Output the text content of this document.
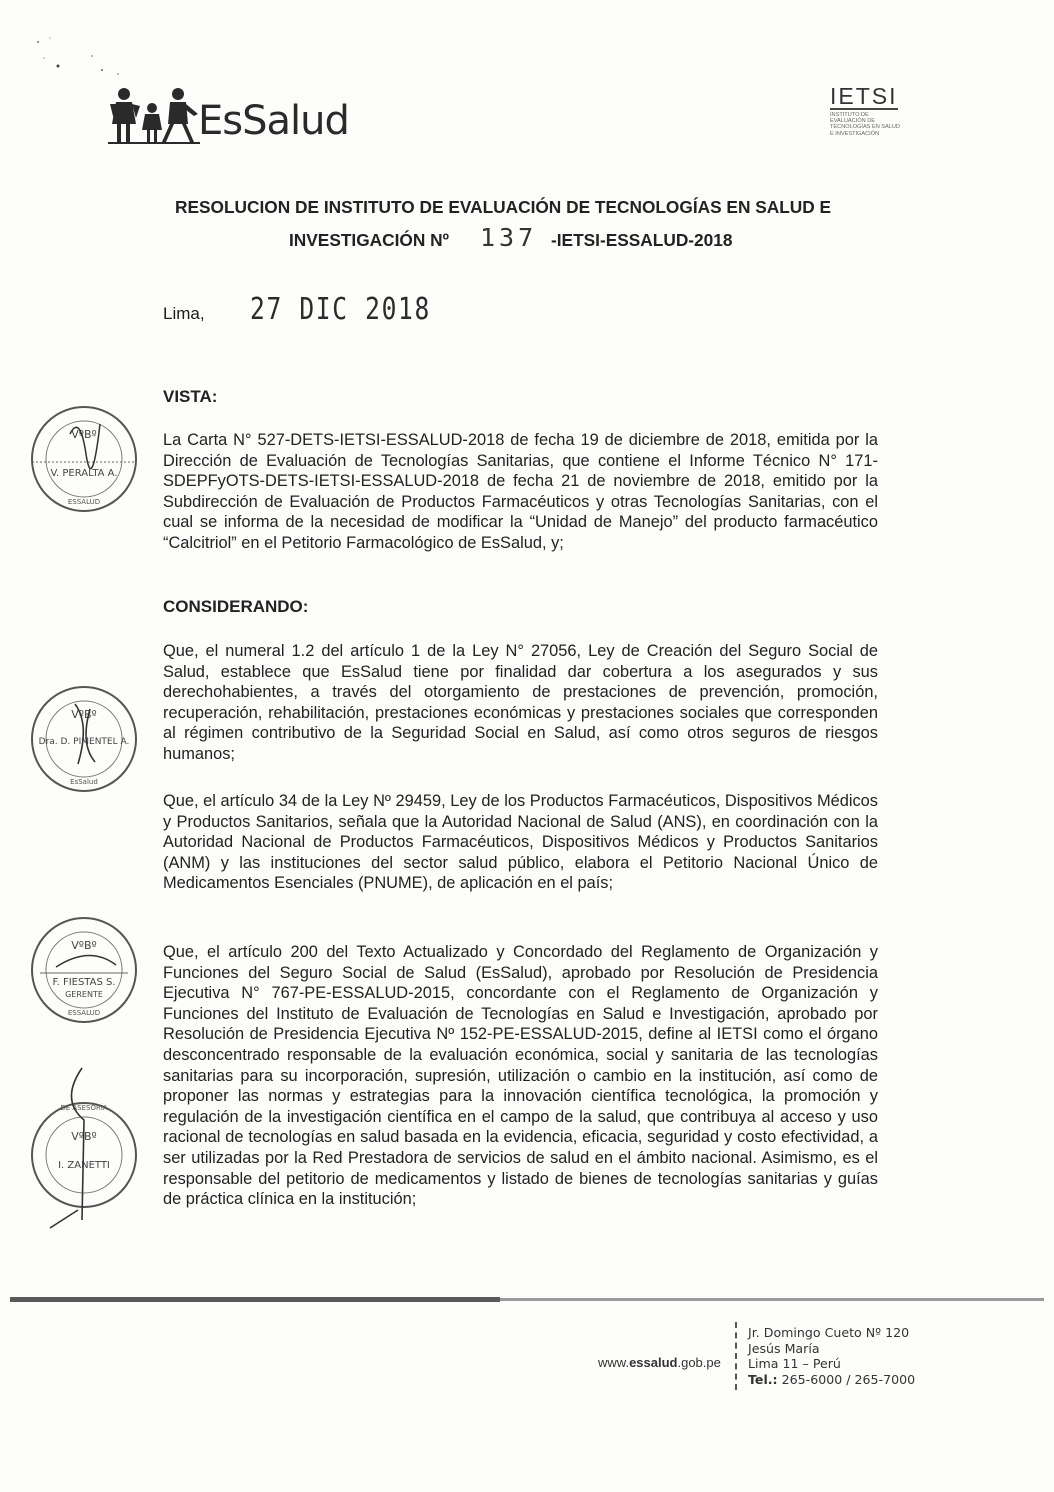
EsSalud
IETSI
INSTITUTO DE EVALUACIÓN DE TECNOLOGÍAS EN SALUD E INVESTIGACIÓN
RESOLUCION DE INSTITUTO DE EVALUACIÓN DE TECNOLOGÍAS EN SALUD E
INVESTIGACIÓN Nº 137 -IETSI-ESSALUD-2018
Lima, 27 DIC 2018
VISTA:
La Carta N° 527-DETS-IETSI-ESSALUD-2018 de fecha 19 de diciembre de 2018, emitida por la Dirección de Evaluación de Tecnologías Sanitarias, que contiene el Informe Técnico N° 171-SDEPFyOTS-DETS-IETSI-ESSALUD-2018 de fecha 21 de noviembre de 2018, emitido por la Subdirección de Evaluación de Productos Farmacéuticos y otras Tecnologías Sanitarias, con el cual se informa de la necesidad de modificar la “Unidad de Manejo” del producto farmacéutico “Calcitriol” en el Petitorio Farmacológico de EsSalud, y;
CONSIDERANDO:
Que, el numeral 1.2 del artículo 1 de la Ley N° 27056, Ley de Creación del Seguro Social de Salud, establece que EsSalud tiene por finalidad dar cobertura a los asegurados y sus derechohabientes, a través del otorgamiento de prestaciones de prevención, promoción, recuperación, rehabilitación, prestaciones económicas y prestaciones sociales que corresponden al régimen contributivo de la Seguridad Social en Salud, así como otros seguros de riesgos humanos;
Que, el artículo 34 de la Ley Nº 29459, Ley de los Productos Farmacéuticos, Dispositivos Médicos y Productos Sanitarios, señala que la Autoridad Nacional de Salud (ANS), en coordinación con la Autoridad Nacional de Productos Farmacéuticos, Dispositivos Médicos y Productos Sanitarios (ANM) y las instituciones del sector salud público, elabora el Petitorio Nacional Único de Medicamentos Esenciales (PNUME), de aplicación en el país;
Que, el artículo 200 del Texto Actualizado y Concordado del Reglamento de Organización y Funciones del Seguro Social de Salud (EsSalud), aprobado por Resolución de Presidencia Ejecutiva N° 767-PE-ESSALUD-2015, concordante con el Reglamento de Organización y Funciones del Instituto de Evaluación de Tecnologías en Salud e Investigación, aprobado por Resolución de Presidencia Ejecutiva Nº 152-PE-ESSALUD-2015, define al IETSI como el órgano desconcentrado responsable de la evaluación económica, social y sanitaria de las tecnologías sanitarias para su incorporación, supresión, utilización o cambio en la institución, así como de proponer las normas y estrategias para la innovación científica tecnológica, la promoción y regulación de la investigación científica en el campo de la salud, que contribuya al acceso y uso racional de tecnologías en salud basada en la evidencia, eficacia, seguridad y costo efectividad, a ser utilizadas por la Red Prestadora de servicios de salud en el ámbito nacional. Asimismo, es el responsable del petitorio de medicamentos y listado de bienes de tecnologías sanitarias y guías de práctica clínica en la institución;
VºBº
V. PERALTA A.
ESSALUD
VºBº
Dra. D. PIMENTEL A.
EsSalud
VºBº
F. FIESTAS S.
GERENTE
ESSALUD
VºBº
I. ZANETTI
DE ASESORÍA
www.essalud.gob.pe
Jr. Domingo Cueto Nº 120
Jesús María
Lima 11 – Perú
Tel.: 265-6000 / 265-7000
